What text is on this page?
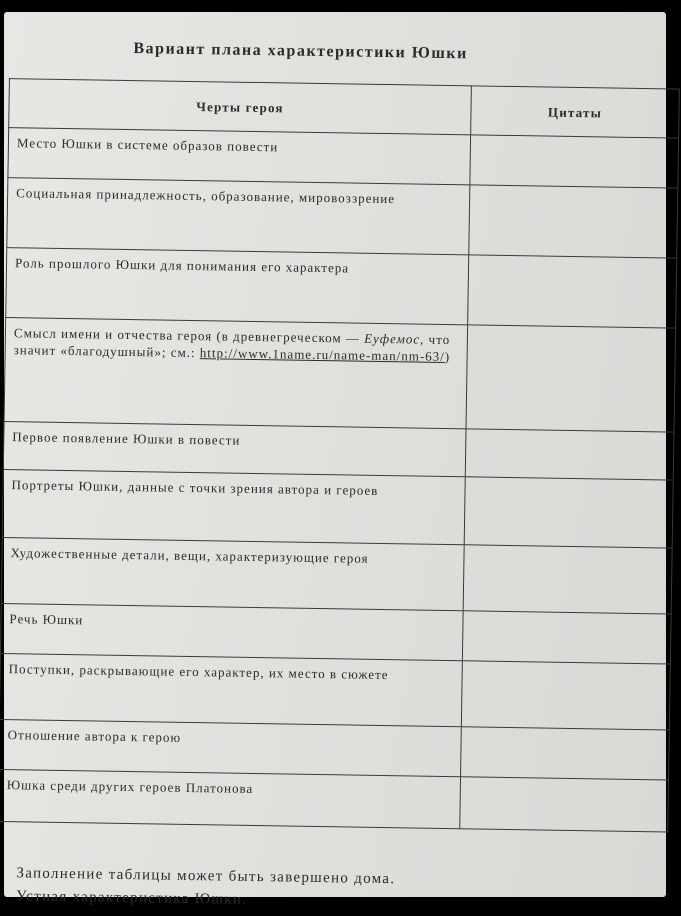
Вариант плана характеристики Юшки
Черты героя	Цитаты
Место Юшки в системе образов повести	
Социальная принадлежность, образование, мировоззрение	
Роль прошлого Юшки для понимания его характера	
Смысл имени и отчества героя (в древнегреческом — Еуфемос, что значит «благодушный»; см.: http://www.1name.ru/name-man/nm-63/)	
Первое появление Юшки в повести	
Портреты Юшки, данные с точки зрения автора и героев	
Художественные детали, вещи, характеризующие героя	
Речь Юшки	
Поступки, раскрывающие его характер, их место в сюжете	
Отношение автора к герою	
Юшка среди других героев Платонова	
Заполнение таблицы может быть завершено дома.
Устная характеристика Юшки.
